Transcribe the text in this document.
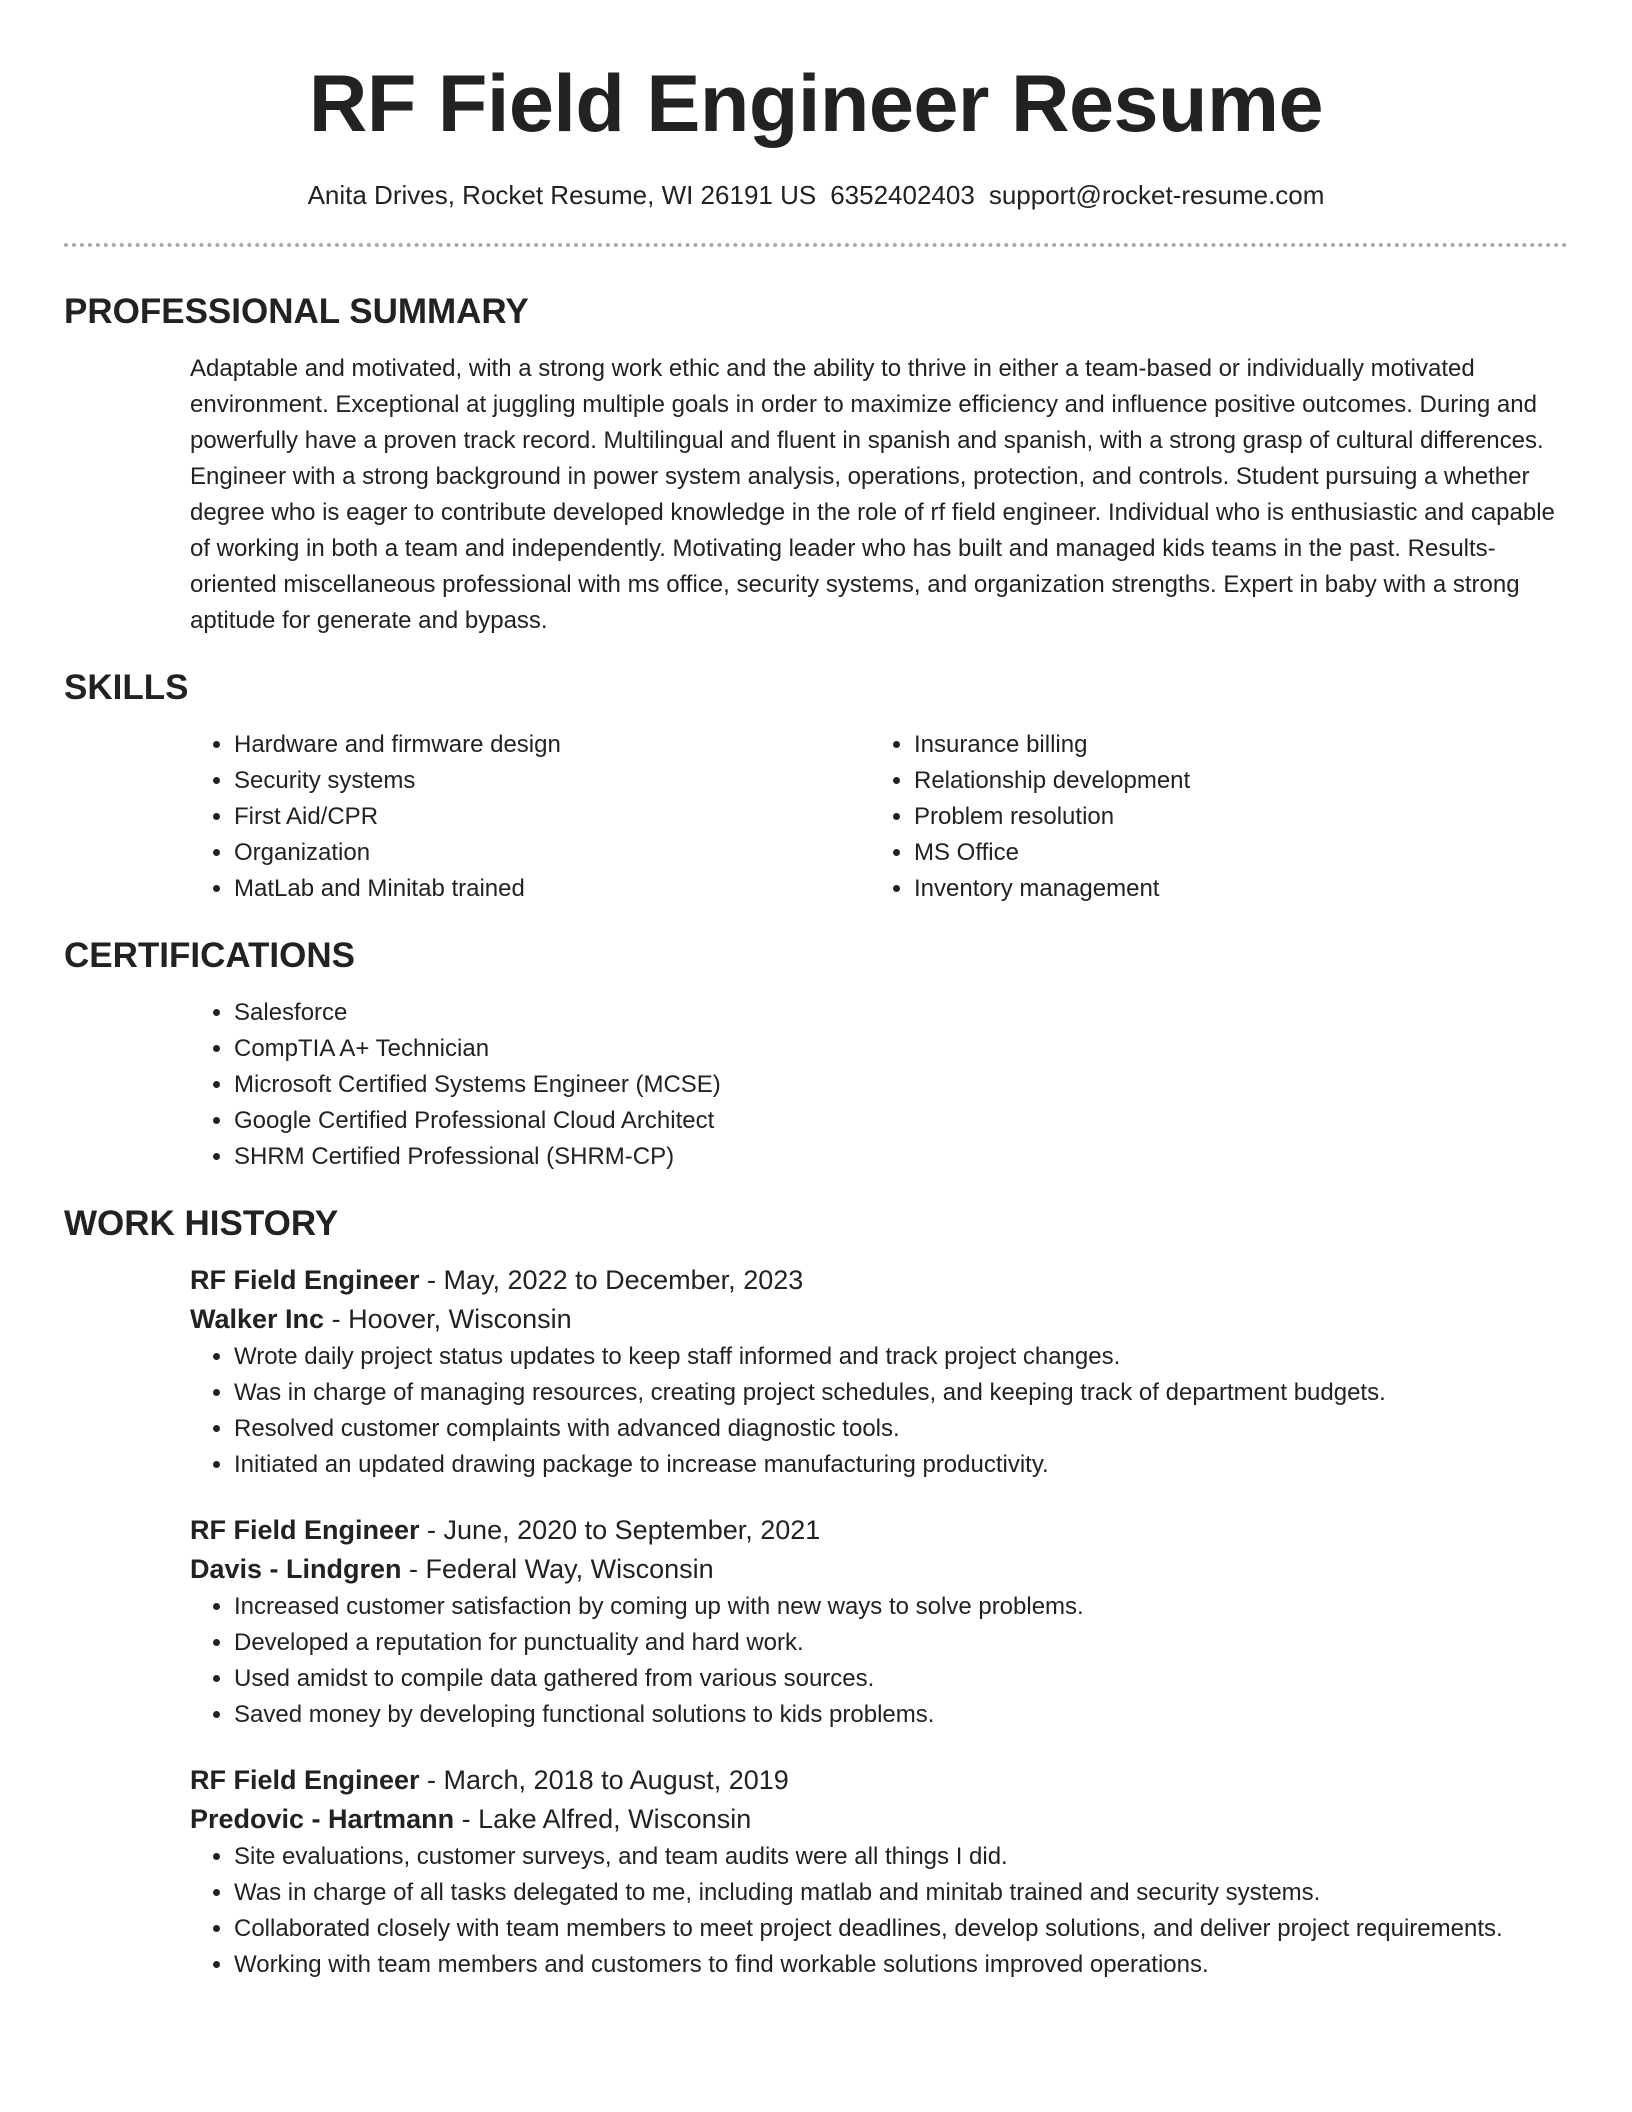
RF Field Engineer Resume
Anita Drives, Rocket Resume, WI 26191 US 6352402403 support@rocket-resume.com
PROFESSIONAL SUMMARY

Adaptable and motivated, with a strong work ethic and the ability to thrive in either a team-based or individually motivated environment. Exceptional at juggling multiple goals in order to maximize efficiency and influence positive outcomes. During and powerfully have a proven track record. Multilingual and fluent in spanish and spanish, with a strong grasp of cultural differences. Engineer with a strong background in power system analysis, operations, protection, and controls. Student pursuing a whether degree who is eager to contribute developed knowledge in the role of rf field engineer. Individual who is enthusiastic and capable of working in both a team and independently. Motivating leader who has built and managed kids teams in the past. Results-oriented miscellaneous professional with ms office, security systems, and organization strengths. Expert in baby with a strong aptitude for generate and bypass.

SKILLS
• Hardware and firmware design
• Security systems
• First Aid/CPR
• Organization
• MatLab and Minitab trained
• Insurance billing
• Relationship development
• Problem resolution
• MS Office
• Inventory management
CERTIFICATIONS
• Salesforce
• CompTIA A+ Technician
• Microsoft Certified Systems Engineer (MCSE)
• Google Certified Professional Cloud Architect
• SHRM Certified Professional (SHRM-CP)
WORK HISTORY
RF Field Engineer - May, 2022 to December, 2023
Walker Inc - Hoover, Wisconsin
• Wrote daily project status updates to keep staff informed and track project changes.
• Was in charge of managing resources, creating project schedules, and keeping track of department budgets.
• Resolved customer complaints with advanced diagnostic tools.
• Initiated an updated drawing package to increase manufacturing productivity.
RF Field Engineer - June, 2020 to September, 2021
Davis - Lindgren - Federal Way, Wisconsin
• Increased customer satisfaction by coming up with new ways to solve problems.
• Developed a reputation for punctuality and hard work.
• Used amidst to compile data gathered from various sources.
• Saved money by developing functional solutions to kids problems.
RF Field Engineer - March, 2018 to August, 2019
Predovic - Hartmann - Lake Alfred, Wisconsin
• Site evaluations, customer surveys, and team audits were all things I did.
• Was in charge of all tasks delegated to me, including matlab and minitab trained and security systems.
• Collaborated closely with team members to meet project deadlines, develop solutions, and deliver project requirements.
• Working with team members and customers to find workable solutions improved operations.
